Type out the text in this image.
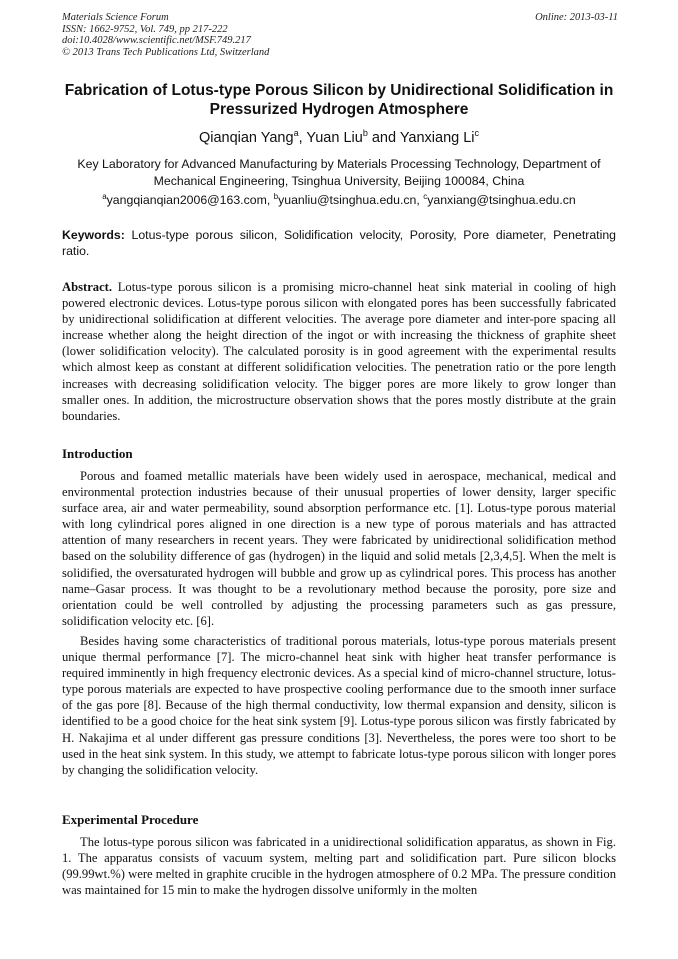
Materials Science Forum
ISSN: 1662-9752, Vol. 749, pp 217-222
doi:10.4028/www.scientific.net/MSF.749.217
© 2013 Trans Tech Publications Ltd, Switzerland
Online: 2013-03-11
Fabrication of Lotus-type Porous Silicon by Unidirectional Solidification in Pressurized Hydrogen Atmosphere
Qianqian Yang$^a$, Yuan Liu$^b$ and Yanxiang Li$^c$
Key Laboratory for Advanced Manufacturing by Materials Processing Technology, Department of Mechanical Engineering, Tsinghua University, Beijing 100084, China
$^a$yangqianqian2006@163.com, $^b$yuanliu@tsinghua.edu.cn, $^c$yanxiang@tsinghua.edu.cn
Keywords: Lotus-type porous silicon, Solidification velocity, Porosity, Pore diameter, Penetrating ratio.
Abstract. Lotus-type porous silicon is a promising micro-channel heat sink material in cooling of high powered electronic devices. Lotus-type porous silicon with elongated pores has been successfully fabricated by unidirectional solidification at different velocities. The average pore diameter and inter-pore spacing all increase whether along the height direction of the ingot or with increasing the thickness of graphite sheet (lower solidification velocity). The calculated porosity is in good agreement with the experimental results which almost keep as constant at different solidification velocities. The penetration ratio or the pore length increases with decreasing solidification velocity. The bigger pores are more likely to grow longer than smaller ones. In addition, the microstructure observation shows that the pores mostly distribute at the grain boundaries.
Introduction
Porous and foamed metallic materials have been widely used in aerospace, mechanical, medical and environmental protection industries because of their unusual properties of lower density, larger specific surface area, air and water permeability, sound absorption performance etc. [1]. Lotus-type porous material with long cylindrical pores aligned in one direction is a new type of porous materials and has attracted attention of many researchers in recent years. They were fabricated by unidirectional solidification method based on the solubility difference of gas (hydrogen) in the liquid and solid metals [2,3,4,5]. When the melt is solidified, the oversaturated hydrogen will bubble and grow up as cylindrical pores. This process has another name–Gasar process. It was thought to be a revolutionary method because the porosity, pore size and orientation could be well controlled by adjusting the processing parameters such as gas pressure, solidification velocity etc. [6].
Besides having some characteristics of traditional porous materials, lotus-type porous materials present unique thermal performance [7]. The micro-channel heat sink with higher heat transfer performance is required imminently in high frequency electronic devices. As a special kind of micro-channel structure, lotus-type porous materials are expected to have prospective cooling performance due to the smooth inner surface of the gas pore [8]. Because of the high thermal conductivity, low thermal expansion and density, silicon is identified to be a good choice for the heat sink system [9]. Lotus-type porous silicon was firstly fabricated by H. Nakajima et al under different gas pressure conditions [3]. Nevertheless, the pores were too short to be used in the heat sink system. In this study, we attempt to fabricate lotus-type porous silicon with longer pores by changing the solidification velocity.
Experimental Procedure
The lotus-type porous silicon was fabricated in a unidirectional solidification apparatus, as shown in Fig. 1. The apparatus consists of vacuum system, melting part and solidification part. Pure silicon blocks (99.99wt.%) were melted in graphite crucible in the hydrogen atmosphere of 0.2 MPa. The pressure condition was maintained for 15 min to make the hydrogen dissolve uniformly in the molten
